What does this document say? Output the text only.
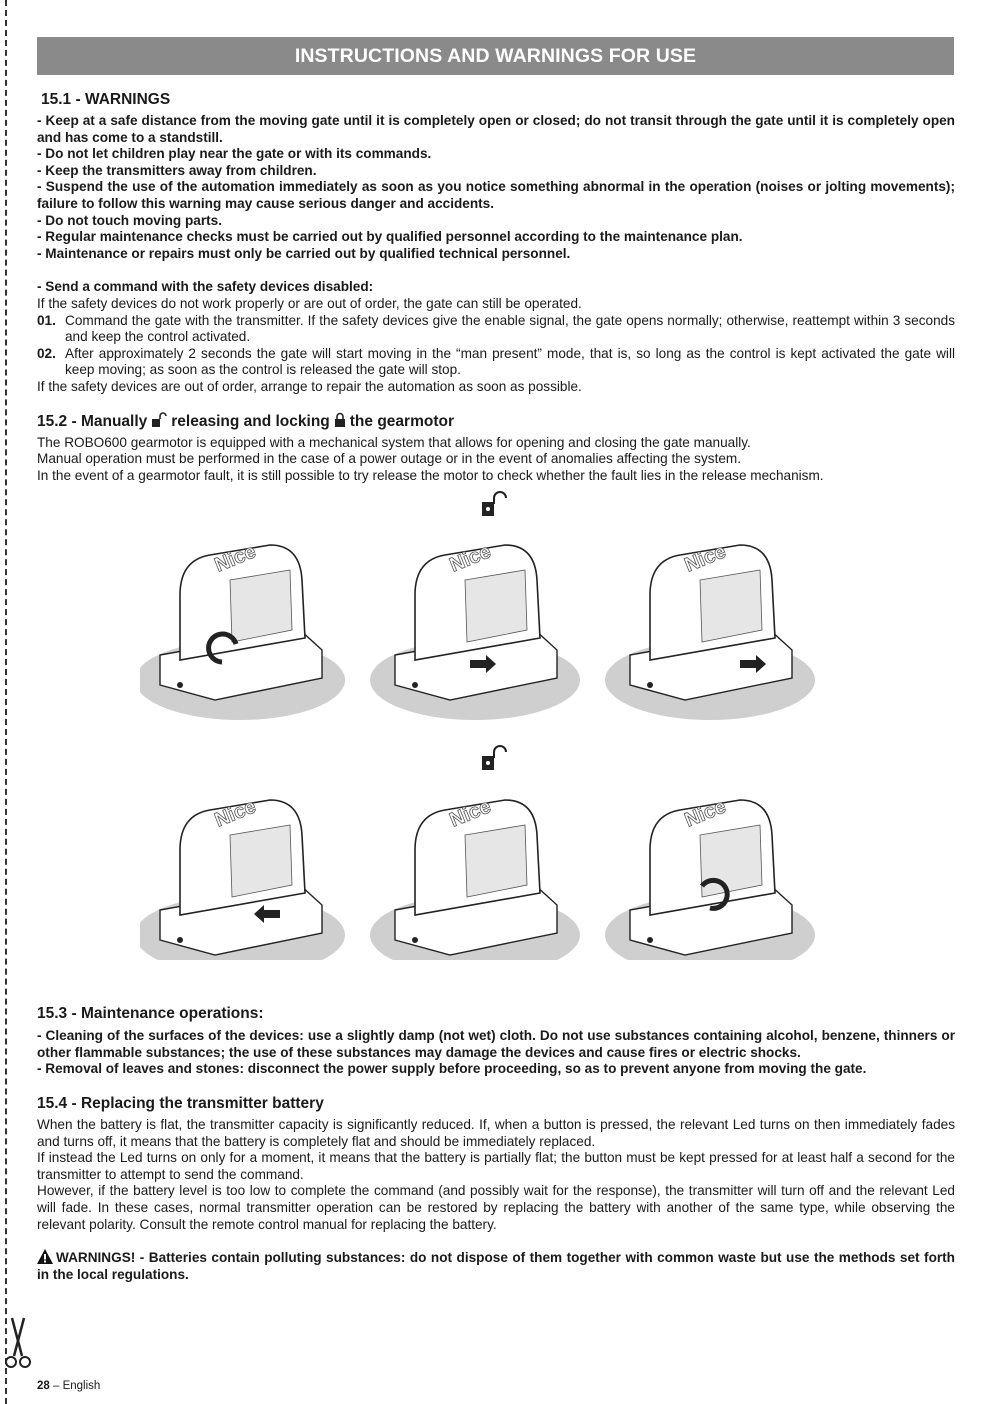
INSTRUCTIONS AND WARNINGS FOR USE
15.1 - WARNINGS

- Keep at a safe distance from the moving gate until it is completely open or closed; do not transit through the gate until it is completely open and has come to a standstill.

- Do not let children play near the gate or with its commands.

- Keep the transmitters away from children.

- Suspend the use of the automation immediately as soon as you notice something abnormal in the operation (noises or jolting movements); failure to follow this warning may cause serious danger and accidents.

- Do not touch moving parts.

- Regular maintenance checks must be carried out by qualified personnel according to the maintenance plan.

- Maintenance or repairs must only be carried out by qualified technical personnel.

- Send a command with the safety devices disabled:

If the safety devices do not work properly or are out of order, the gate can still be operated.

01. Command the gate with the transmitter. If the safety devices give the enable signal, the gate opens normally; otherwise, reattempt within 3 seconds and keep the control activated.
02. After approximately 2 seconds the gate will start moving in the “man present” mode, that is, so long as the control is kept activated the gate will keep moving; as soon as the control is released the gate will stop.

If the safety devices are out of order, arrange to repair the automation as soon as possible.

15.2 - Manually releasing and locking the gearmotor

The ROBO600 gearmotor is equipped with a mechanical system that allows for opening and closing the gate manually.

Manual operation must be performed in the case of a power outage or in the event of anomalies affecting the system.

In the event of a gearmotor fault, it is still possible to try release the motor to check whether the fault lies in the release mechanism.

15.3 - Maintenance operations:

- Cleaning of the surfaces of the devices: use a slightly damp (not wet) cloth. Do not use substances containing alcohol, benzene, thinners or other flammable substances; the use of these substances may damage the devices and cause fires or electric shocks.

- Removal of leaves and stones: disconnect the power supply before proceeding, so as to prevent anyone from moving the gate.

15.4 - Replacing the transmitter battery

When the battery is flat, the transmitter capacity is significantly reduced. If, when a button is pressed, the relevant Led turns on then immediately fades and turns off, it means that the battery is completely flat and should be immediately replaced.

If instead the Led turns on only for a moment, it means that the battery is partially flat; the button must be kept pressed for at least half a second for the transmitter to attempt to send the command.

However, if the battery level is too low to complete the command (and possibly wait for the response), the transmitter will turn off and the relevant Led will fade. In these cases, normal transmitter operation can be restored by replacing the battery with another of the same type, while observing the relevant polarity. Consult the remote control manual for replacing the battery.

WARNINGS! - Batteries contain polluting substances: do not dispose of them together with common waste but use the methods set forth in the local regulations.

Nice	Nice	Nice
Nice	Nice	Nice
28 – English
